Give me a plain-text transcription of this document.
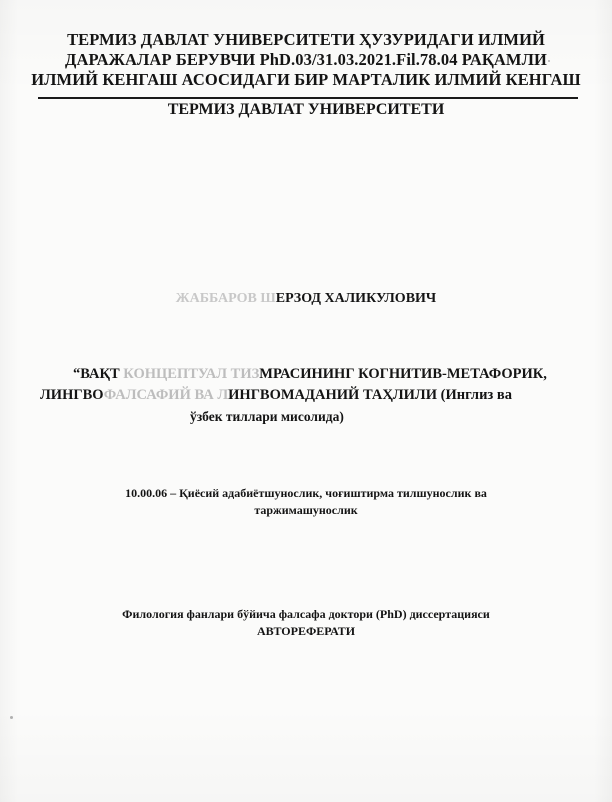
ТЕРМИЗ ДАВЛАТ УНИВЕРСИТЕТИ ҲУЗУРИДАГИ ИЛМИЙ
ДАРАЖАЛАР БЕРУВЧИ PhD.03/31.03.2021.Fil.78.04 РАҚАМЛИ
ИЛМИЙ КЕНГАШ АСОСИДАГИ БИР МАРТАЛИК ИЛМИЙ КЕНГАШ
ТЕРМИЗ ДАВЛАТ УНИВЕРСИТЕТИ
ЖАББАРОВ ШЕРЗОД ХАЛИКУЛОВИЧ
“ВАҚТ КОНЦЕПТУАЛ ТИЗМРАСИНИНГ КОГНИТИВ-МЕТАФОРИК,
ЛИНГВОФАЛСАФИЙ ВА ЛИНГВОМАДАНИЙ ТАҲЛИЛИ (Инглиз ва
ўзбек тиллари мисолида)
10.00.06 – Қиёсий адабиётшунослик, чоғиштирма тилшунослик ва
таржимашунослик
Филология фанлари бўйича фалсафа доктори (PhD) диссертацияси
АВТОРЕФЕРАТИ
